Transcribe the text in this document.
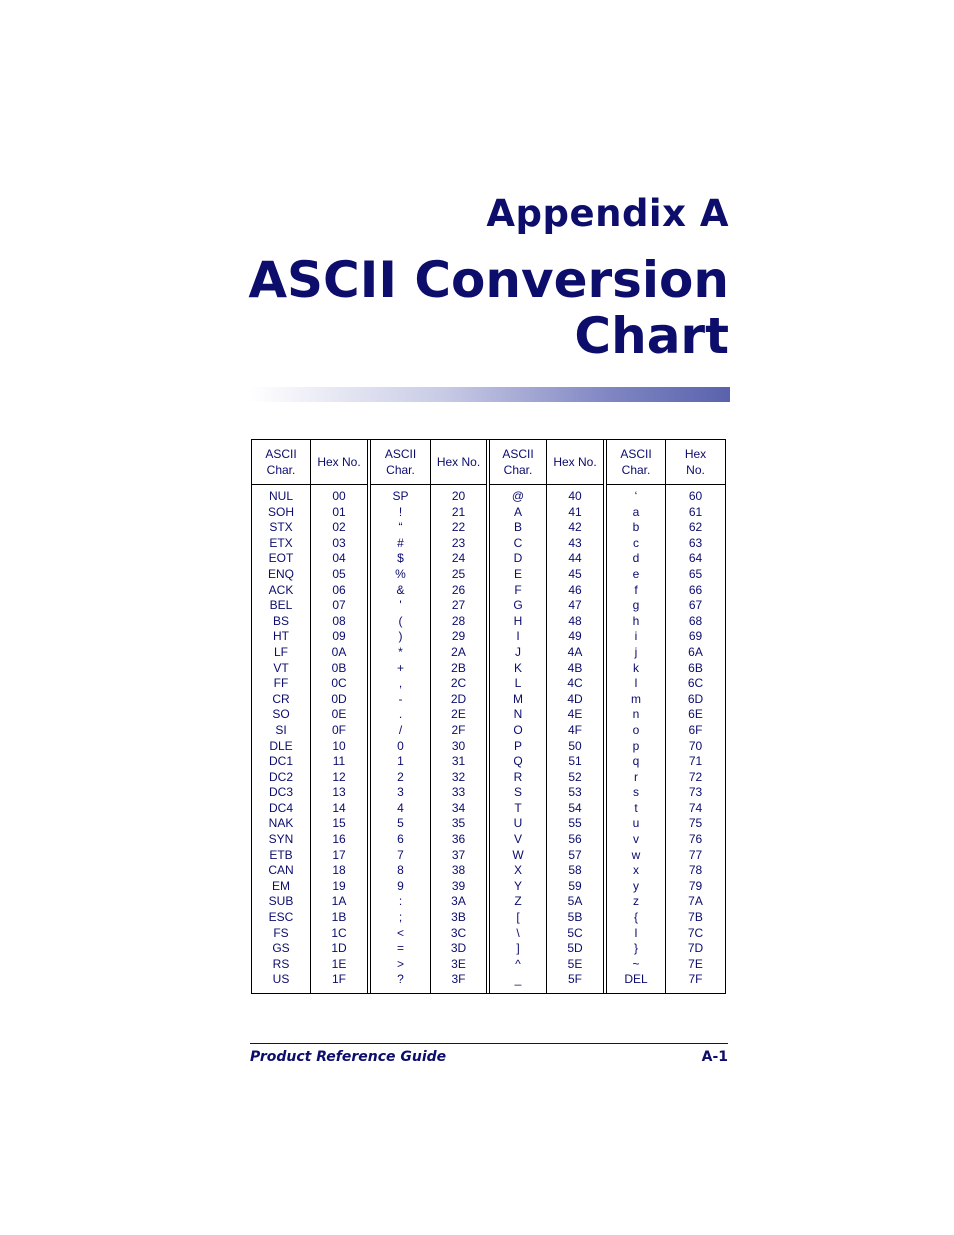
Appendix A
ASCII Conversion
Chart
ASCII
Char.
NUL
SOH
STX
ETX
EOT
ENQ
ACK
BEL
BS
HT
LF
VT
FF
CR
SO
SI
DLE
DC1
DC2
DC3
DC4
NAK
SYN
ETB
CAN
EM
SUB
ESC
FS
GS
RS
US
Hex No.
00
01
02
03
04
05
06
07
08
09
0A
0B
0C
0D
0E
0F
10
11
12
13
14
15
16
17
18
19
1A
1B
1C
1D
1E
1F
ASCII
Char.
SP
!
“
#
$
%
&
'
(
)
*
+
,
-
.
/
0
1
2
3
4
5
6
7
8
9
:
;
<
=
>
?
Hex No.
20
21
22
23
24
25
26
27
28
29
2A
2B
2C
2D
2E
2F
30
31
32
33
34
35
36
37
38
39
3A
3B
3C
3D
3E
3F
ASCII
Char.
@
A
B
C
D
E
F
G
H
I
J
K
L
M
N
O
P
Q
R
S
T
U
V
W
X
Y
Z
[
\
]
^
_
Hex No.
40
41
42
43
44
45
46
47
48
49
4A
4B
4C
4D
4E
4F
50
51
52
53
54
55
56
57
58
59
5A
5B
5C
5D
5E
5F
ASCII
Char.
‘
a
b
c
d
e
f
g
h
i
j
k
l
m
n
o
p
q
r
s
t
u
v
w
x
y
z
{
l
}
~
DEL
Hex
No.
60
61
62
63
64
65
66
67
68
69
6A
6B
6C
6D
6E
6F
70
71
72
73
74
75
76
77
78
79
7A
7B
7C
7D
7E
7F
Product Reference Guide	A-1
